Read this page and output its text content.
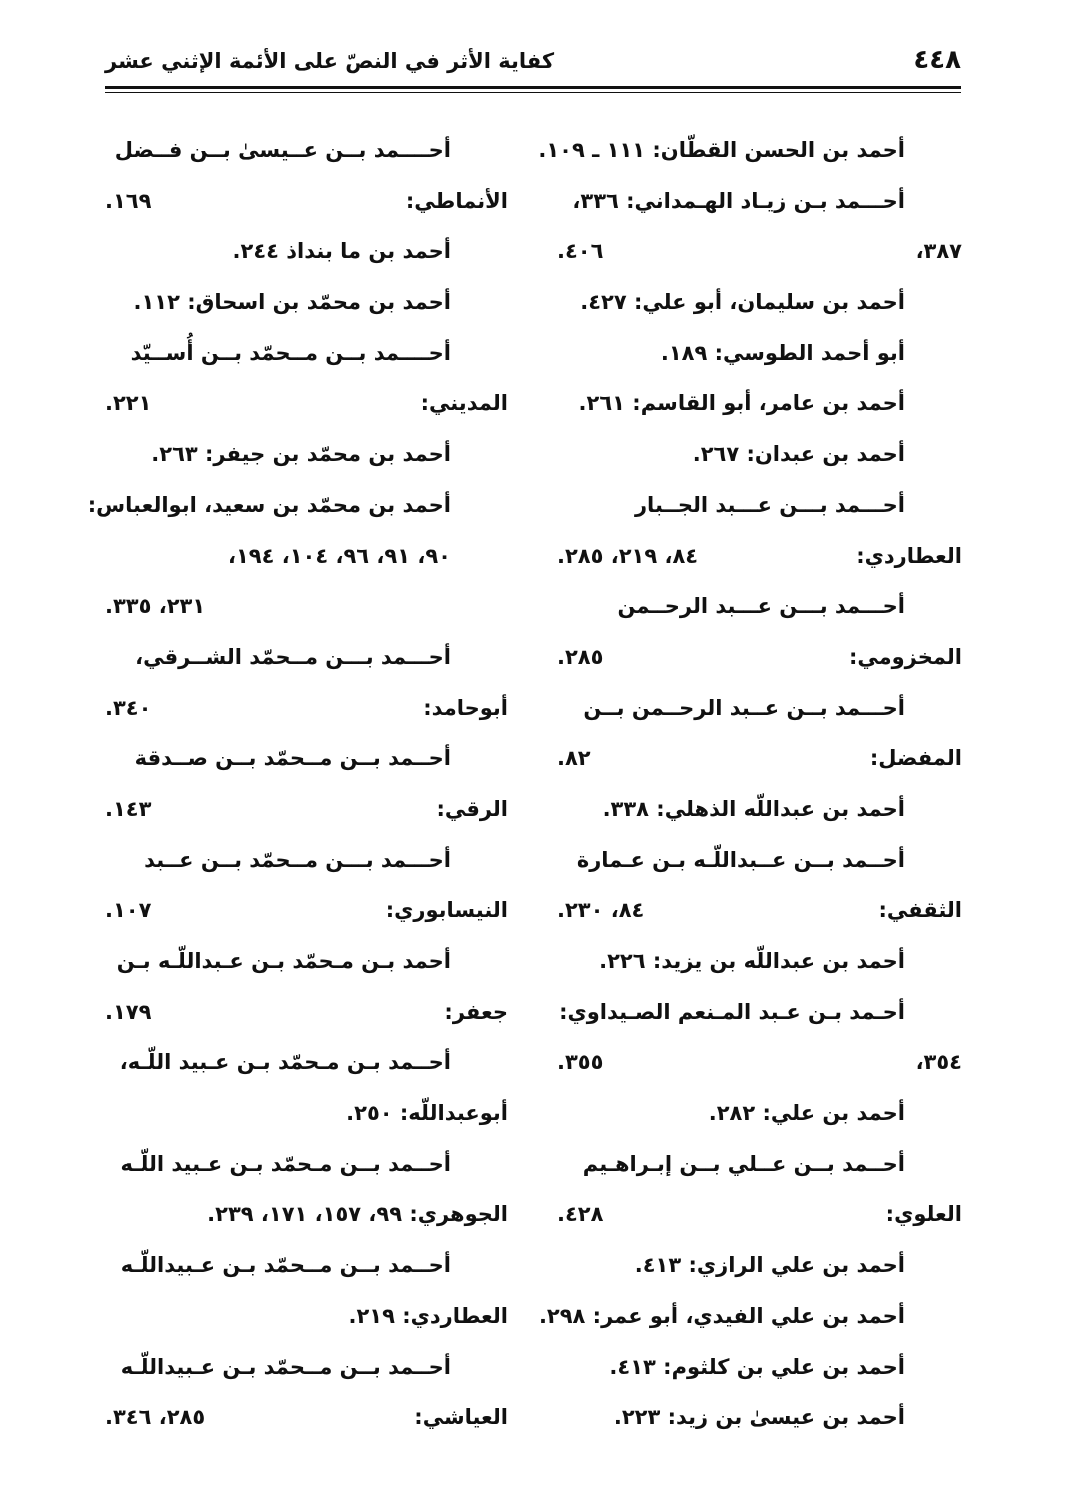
٤٤٨
كفاية الأثر في النصّ على الأئمة الإثني عشر
أحمد بن الحسن القطّان: ١١١ ـ ١٠٩.
أحـــمد بـن زيـاد الهـمداني: ٣٣٦،
٣٨٧،
٤٠٦.
أحمد بن سليمان، أبو علي: ٤٢٧.
أبو أحمد الطوسي: ١٨٩.
أحمد بن عامر، أبو القاسم: ٢٦١.
أحمد بن عبدان: ٢٦٧.
أحـــمد بـــن عـــبد الجــبار
العطاردي:
٨٤، ٢١٩، ٢٨٥.
أحـــمد بـــن عـــبد الرحــمن
المخزومي:
٢٨٥.
أحـــمد بــن عــبد الرحــمن بــن
المفضل:
٨٢.
أحمد بن عبداللّه الذهلي: ٣٣٨.
أحــمد بــن عــبداللّـه بـن عـمارة
الثقفي:
٨٤، ٢٣٠.
أحمد بن عبداللّه بن يزيد: ٢٢٦.
أحـمد بـن عـبد المـنعم الصـيداوي:
٣٥٤،
٣٥٥.
أحمد بن علي: ٢٨٢.
أحــمد بــن عــلي بــن إبـراهـيم
العلوي:
٤٢٨.
أحمد بن علي الرازي: ٤١٣.
أحمد بن علي الفيدي، أبو عمر: ٢٩٨.
أحمد بن علي بن كلثوم: ٤١٣.
أحمد بن عيسىٰ بن زيد: ٢٢٣.
أحــــمد بــن عــيسىٰ بــن فــضل
الأنماطي:
١٦٩.
أحمد بن ما بنداذ ٢٤٤.
أحمد بن محمّد بن اسحاق: ١١٢.
أحــــمد بــن مــحمّد بــن أُســيّد
المديني:
٢٢١.
أحمد بن محمّد بن جيفر: ٢٦٣.
أحمد بن محمّد بن سعيد، ابوالعباس:
٩٠، ٩١، ٩٦، ١٠٤، ١٩٤،
٢٣١، ٣٣٥.
أحـــمد بـــن مــحمّد الشــرقي،
أبوحامد:
٣٤٠.
أحــمد بــن مــحمّد بــن صــدقة
الرقي:
١٤٣.
أحـــمد بـــن مــحمّد بــن عــبد
النيسابوري:
١٠٧.
أحمد بـن مـحمّد بـن عـبداللّـه بـن
جعفر:
١٧٩.
أحــمد بـن مـحمّد بـن عـبيد اللّـه،
أبوعبداللّه: ٢٥٠.
أحــمد بــن مـحمّد بـن عـبيد اللّـه
الجوهري: ٩٩، ١٥٧، ١٧١، ٢٣٩.
أحــمد بــن مــحمّد بـن عـبيداللّـه
العطاردي: ٢١٩.
أحــمد بــن مــحمّد بـن عـبيداللّـه
العياشي:
٢٨٥، ٣٤٦.
